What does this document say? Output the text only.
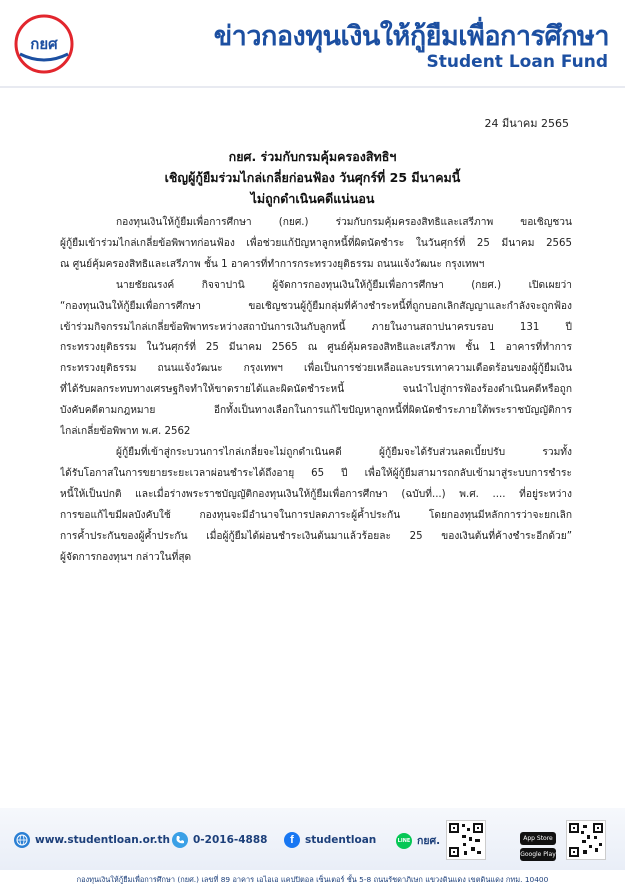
กยศ	ข่าวกองทุนเงินให้กู้ยืมเพื่อการศึกษา
Student Loan Fund
24 มีนาคม 2565
กยศ. ร่วมกับกรมคุ้มครองสิทธิฯ
เชิญผู้กู้ยืมร่วมไกล่เกลี่ยก่อนฟ้อง วันศุกร์ที่ 25 มีนาคมนี้
ไม่ถูกดำเนินคดีแน่นอน
กองทุนเงินให้กู้ยืมเพื่อการศึกษา (กยศ.) ร่วมกับกรมคุ้มครองสิทธิและเสรีภาพ ขอเชิญชวน
ผู้กู้ยืมเข้าร่วมไกล่เกลี่ยข้อพิพาทก่อนฟ้อง เพื่อช่วยแก้ปัญหาลูกหนี้ที่ผิดนัดชำระ ในวันศุกร์ที่ 25 มีนาคม 2565
ณ ศูนย์คุ้มครองสิทธิและเสรีภาพ ชั้น 1 อาคารที่ทำการกระทรวงยุติธรรม ถนนแจ้งวัฒนะ กรุงเทพฯ
นายชัยณรงค์ กิจจาปานิ ผู้จัดการกองทุนเงินให้กู้ยืมเพื่อการศึกษา (กยศ.) เปิดเผยว่า
“กองทุนเงินให้กู้ยืมเพื่อการศึกษา ขอเชิญชวนผู้กู้ยืมกลุ่มที่ค้างชำระหนี้ที่ถูกบอกเลิกสัญญาและกำลังจะถูกฟ้อง
เข้าร่วมกิจกรรมไกล่เกลี่ยข้อพิพาทระหว่างสถาบันการเงินกับลูกหนี้ ภายในงานสถาปนาครบรอบ 131 ปี
กระทรวงยุติธรรม ในวันศุกร์ที่ 25 มีนาคม 2565 ณ ศูนย์คุ้มครองสิทธิและเสรีภาพ ชั้น 1 อาคารที่ทำการ
กระทรวงยุติธรรม ถนนแจ้งวัฒนะ กรุงเทพฯ เพื่อเป็นการช่วยเหลือและบรรเทาความเดือดร้อนของผู้กู้ยืมเงิน
ที่ได้รับผลกระทบทางเศรษฐกิจทำให้ขาดรายได้และผิดนัดชำระหนี้ จนนำไปสู่การฟ้องร้องดำเนินคดีหรือถูก
บังคับคดีตามกฎหมาย อีกทั้งเป็นทางเลือกในการแก้ไขปัญหาลูกหนี้ที่ผิดนัดชำระภายใต้พระราชบัญญัติการ
ไกล่เกลี่ยข้อพิพาท พ.ศ. 2562
ผู้กู้ยืมที่เข้าสู่กระบวนการไกล่เกลี่ยจะไม่ถูกดำเนินคดี ผู้กู้ยืมจะได้รับส่วนลดเบี้ยปรับ รวมทั้ง
ได้รับโอกาสในการขยายระยะเวลาผ่อนชำระได้ถึงอายุ 65 ปี เพื่อให้ผู้กู้ยืมสามารถกลับเข้ามาสู่ระบบการชำระ
หนี้ให้เป็นปกติ และเมื่อร่างพระราชบัญญัติกองทุนเงินให้กู้ยืมเพื่อการศึกษา (ฉบับที่...) พ.ศ. .... ที่อยู่ระหว่าง
การขอแก้ไขมีผลบังคับใช้ กองทุนจะมีอำนาจในการปลดภาระผู้ค้ำประกัน โดยกองทุนมีหลักการว่าจะยกเลิก
การค้ำประกันของผู้ค้ำประกัน เมื่อผู้กู้ยืมได้ผ่อนชำระเงินต้นมาแล้วร้อยละ 25 ของเงินต้นที่ค้างชำระอีกด้วย”
ผู้จัดการกองทุนฯ กล่าวในที่สุด
www.studentloan.or.th 0-2016-4888	f	studentloan	LINE กยศ.	App Store
Google Play
กองทุนเงินให้กู้ยืมเพื่อการศึกษา (กยศ.) เลขที่ 89 อาคาร เอไอเอ แคปปิตอล เซ็นเตอร์ ชั้น 5-8 ถนนรัชดาภิเษก แขวงดินแดง เขตดินแดง กทม. 10400
